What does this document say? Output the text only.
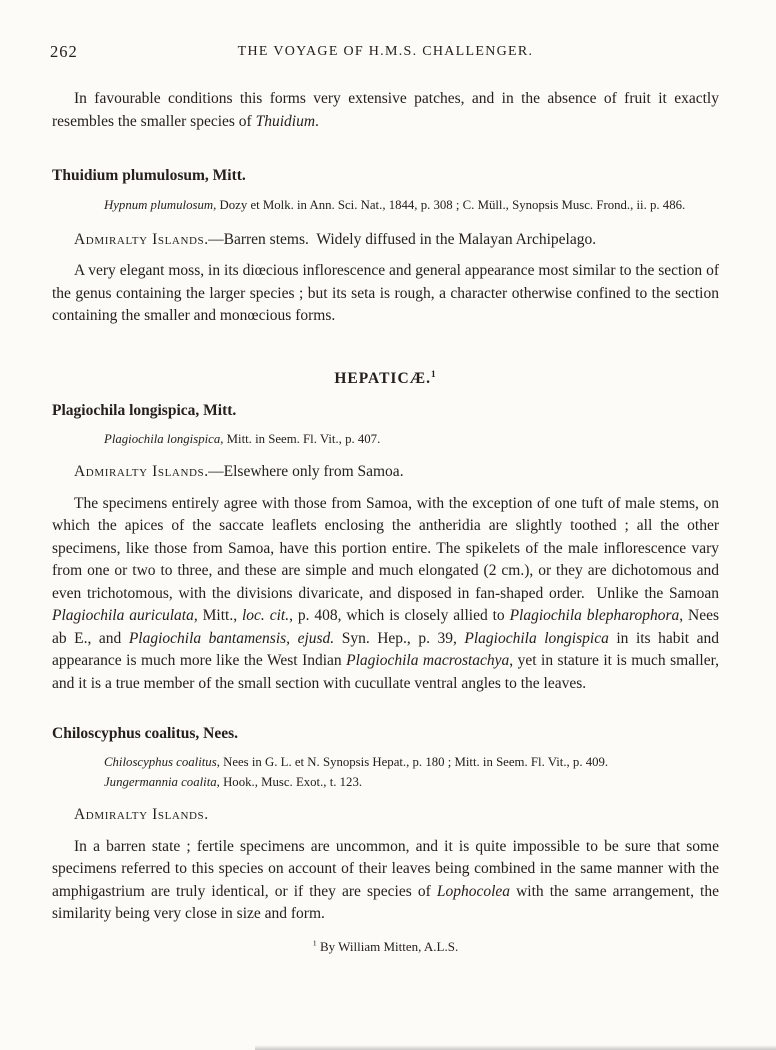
262	THE VOYAGE OF H.M.S. CHALLENGER.

In favourable conditions this forms very extensive patches, and in the absence of fruit it exactly resembles the smaller species of Thuidium.

Thuidium plumulosum, Mitt.

Hypnum plumulosum, Dozy et Molk. in Ann. Sci. Nat., 1844, p. 308 ; C. Müll., Synopsis Musc. Frond., ii. p. 486.

Admiralty Islands.—Barren stems.  Widely diffused in the Malayan Archipelago.

A very elegant moss, in its diœcious inflorescence and general appearance most similar to the section of the genus containing the larger species ; but its seta is rough, a character otherwise confined to the section containing the smaller and monœcious forms.

HEPATICÆ.$^1$
Plagiochila longispica, Mitt.

Plagiochila longispica, Mitt. in Seem. Fl. Vit., p. 407.

Admiralty Islands.—Elsewhere only from Samoa.

The specimens entirely agree with those from Samoa, with the exception of one tuft of male stems, on which the apices of the saccate leaflets enclosing the antheridia are slightly toothed ; all the other specimens, like those from Samoa, have this portion entire. The spikelets of the male inflorescence vary from one or two to three, and these are simple and much elongated (2 cm.), or they are dichotomous and even trichotomous, with the divisions divaricate, and disposed in fan-shaped order.  Unlike the Samoan Plagiochila auriculata, Mitt., loc. cit., p. 408, which is closely allied to Plagiochila blepharophora, Nees ab E., and Plagiochila bantamensis, ejusd. Syn. Hep., p. 39, Plagiochila longispica in its habit and appearance is much more like the West Indian Plagiochila macrostachya, yet in stature it is much smaller, and it is a true member of the small section with cucullate ventral angles to the leaves.

Chiloscyphus coalitus, Nees.

Chiloscyphus coalitus, Nees in G. L. et N. Synopsis Hepat., p. 180 ; Mitt. in Seem. Fl. Vit., p. 409.

Jungermannia coalita, Hook., Musc. Exot., t. 123.

Admiralty Islands.

In a barren state ; fertile specimens are uncommon, and it is quite impossible to be sure that some specimens referred to this species on account of their leaves being combined in the same manner with the amphigastrium are truly identical, or if they are species of Lophocolea with the same arrangement, the similarity being very close in size and form.

$^1$ By William Mitten, A.L.S.
